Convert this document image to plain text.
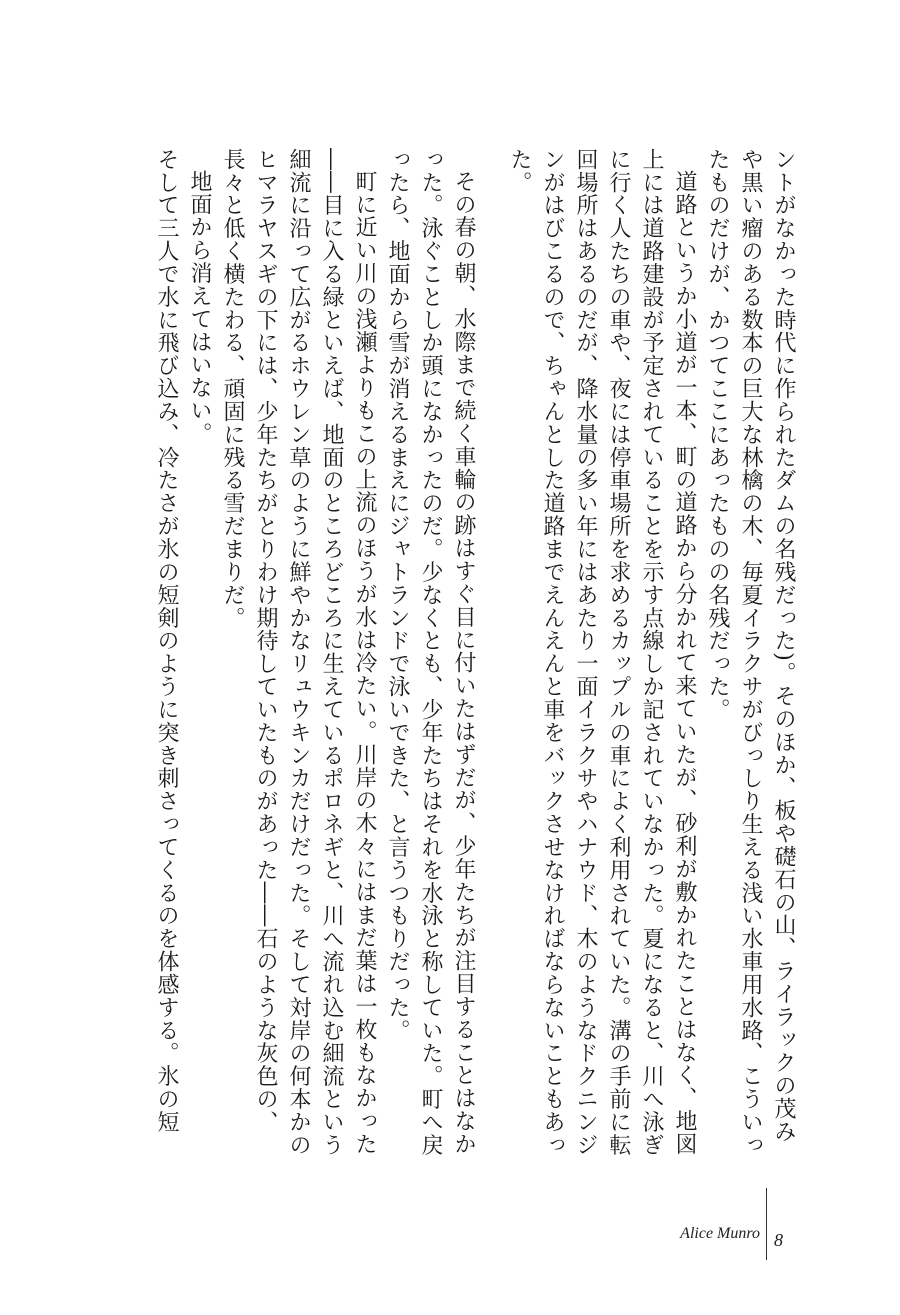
ントがなかった時代に作られたダムの名残だった)。そのほか、板や礎石の山、ライラックの茂み
や黒い瘤のある数本の巨大な林檎の木、毎夏イラクサがびっしり生える浅い水車用水路、こういっ
たものだけが、かつてここにあったものの名残だった。
道路というか小道が一本、町の道路から分かれて来ていたが、砂利が敷かれたことはなく、地図
上には道路建設が予定されていることを示す点線しか記されていなかった。夏になると、川へ泳ぎ
に行く人たちの車や、夜には停車場所を求めるカップルの車によく利用されていた。溝の手前に転
回場所はあるのだが、降水量の多い年にはあたり一面イラクサやハナウド、木のようなドクニンジ
ンがはびこるので、ちゃんとした道路までえんえんと車をバックさせなければならないこともあっ
た。
その春の朝、水際まで続く車輪の跡はすぐ目に付いたはずだが、少年たちが注目することはなか
った。泳ぐことしか頭になかったのだ。少なくとも、少年たちはそれを水泳と称していた。町へ戻
ったら、地面から雪が消えるまえにジャトランドで泳いできた、と言うつもりだった。
町に近い川の浅瀬よりもこの上流のほうが水は冷たい。川岸の木々にはまだ葉は一枚もなかった
――目に入る緑といえば、地面のところどころに生えているポロネギと、川へ流れ込む細流という
細流に沿って広がるホウレン草のように鮮やかなリュウキンカだけだった。そして対岸の何本かの
ヒマラヤスギの下には、少年たちがとりわけ期待していたものがあった――石のような灰色の、
長々と低く横たわる、頑固に残る雪だまりだ。
地面から消えてはいない。
そして三人で水に飛び込み、冷たさが氷の短剣のように突き刺さってくるのを体感する。氷の短
Alice Munro 8
